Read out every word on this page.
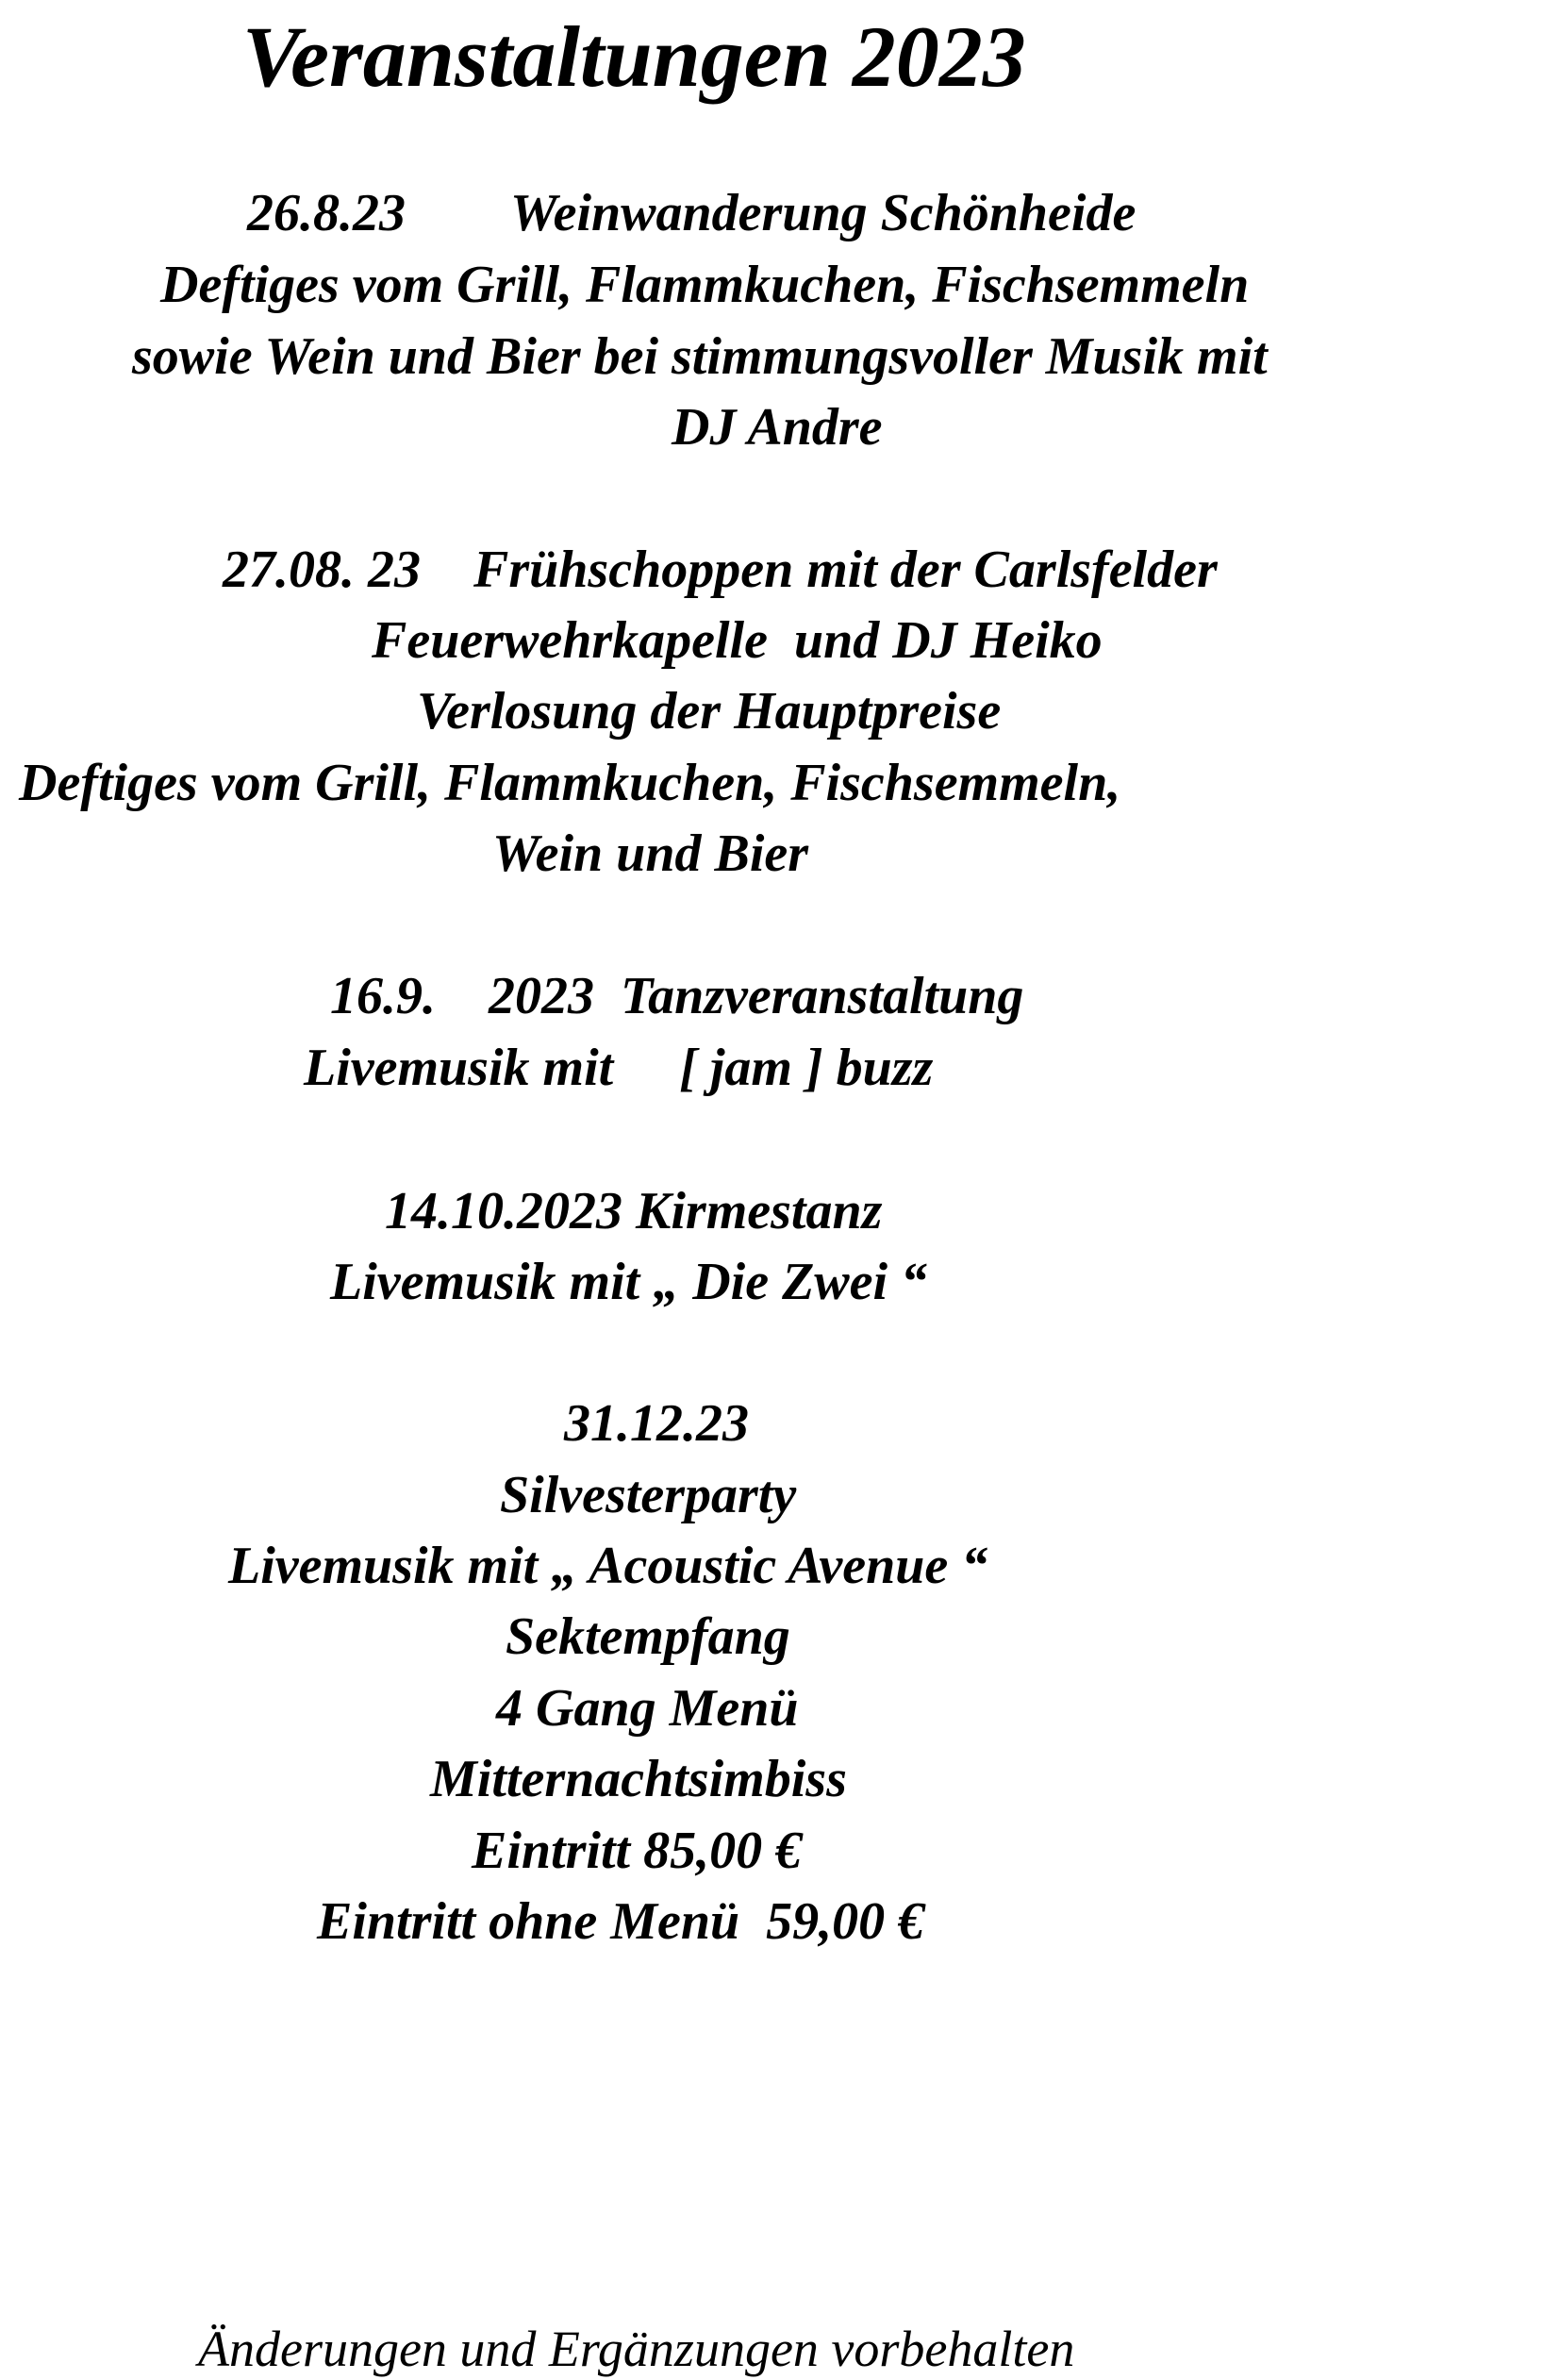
Veranstaltungen 2023
26.8.23        Weinwanderung Schönheide
Deftiges vom Grill, Flammkuchen, Fischsemmeln
sowie Wein und Bier bei stimmungsvoller Musik mit
DJ Andre
27.08. 23    Frühschoppen mit der Carlsfelder
Feuerwehrkapelle  und DJ Heiko
Verlosung der Hauptpreise
Deftiges vom Grill, Flammkuchen, Fischsemmeln,
Wein und Bier
16.9.    2023  Tanzveranstaltung
Livemusik mit     [ jam ] buzz
14.10.2023 Kirmestanz
Livemusik mit „ Die Zwei “
31.12.23
Silvesterparty
Livemusik mit „ Acoustic Avenue “
Sektempfang
4 Gang Menü
Mitternachtsimbiss
Eintritt 85,00 €
Eintritt ohne Menü  59,00 €
Änderungen und Ergänzungen vorbehalten
